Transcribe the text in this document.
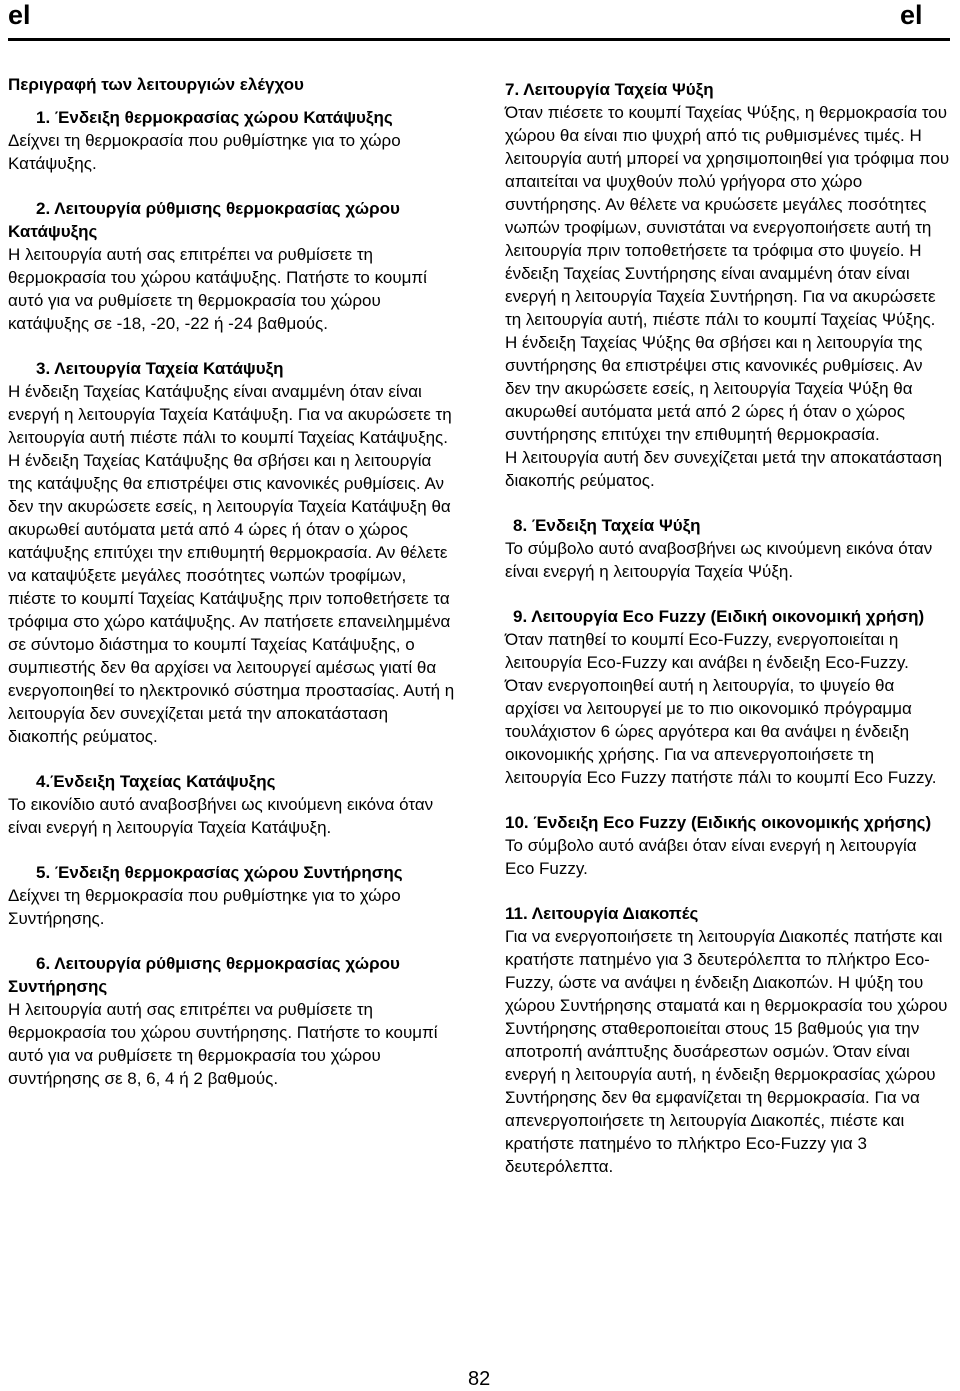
el	el
Περιγραφή των λειτουργιών ελέγχου
1. Ένδειξη θερμοκρασίας χώρου Κατάψυξης

Δείχνει τη θερμοκρασία που ρυθμίστηκε για το χώρο Κατάψυξης.

2. Λειτουργία ρύθμισης θερμοκρασίας χώρου Κατάψυξης

Η λειτουργία αυτή σας επιτρέπει να ρυθμίσετε τη θερμοκρασία του χώρου κατάψυξης. Πατήστε το κουμπί αυτό για να ρυθμίσετε τη θερμοκρασία του χώρου κατάψυξης σε -18, -20, -22 ή -24 βαθμούς.

3. Λειτουργία Ταχεία Κατάψυξη

Η ένδειξη Ταχείας Κατάψυξης είναι αναμμένη όταν είναι ενεργή η λειτουργία Ταχεία Κατάψυξη. Για να ακυρώσετε τη λειτουργία αυτή πιέστε πάλι το κουμπί Ταχείας Κατάψυξης. Η ένδειξη Ταχείας Κατάψυξης θα σβήσει και η λειτουργία της κατάψυξης θα επιστρέψει στις κανονικές ρυθμίσεις. Αν δεν την ακυρώσετε εσείς, η λειτουργία Ταχεία Κατάψυξη θα ακυρωθεί αυτόματα μετά από 4 ώρες ή όταν ο χώρος κατάψυξης επιτύχει την επιθυμητή θερμοκρασία. Αν θέλετε να καταψύξετε μεγάλες ποσότητες νωπών τροφίμων, πιέστε το κουμπί Ταχείας Κατάψυξης πριν τοποθετήσετε τα τρόφιμα στο χώρο κατάψυξης. Αν πατήσετε επανειλημμένα σε σύντομο διάστημα το κουμπί Ταχείας Κατάψυξης, ο συμπιεστής δεν θα αρχίσει να λειτουργεί αμέσως γιατί θα ενεργοποιηθεί το ηλεκτρονικό σύστημα προστασίας. Αυτή η λειτουργία δεν συνεχίζεται μετά την αποκατάσταση διακοπής ρεύματος.

4.Ένδειξη Ταχείας Κατάψυξης

Το εικονίδιο αυτό αναβοσβήνει ως κινούμενη εικόνα όταν είναι ενεργή η λειτουργία Ταχεία Κατάψυξη.

5. Ένδειξη θερμοκρασίας χώρου Συντήρησης

Δείχνει τη θερμοκρασία που ρυθμίστηκε για το χώρο Συντήρησης.

6. Λειτουργία ρύθμισης θερμοκρασίας χώρου Συντήρησης

Η λειτουργία αυτή σας επιτρέπει να ρυθμίσετε τη θερμοκρασία του χώρου συντήρησης. Πατήστε το κουμπί αυτό για να ρυθμίσετε τη θερμοκρασία του χώρου συντήρησης σε 8, 6, 4 ή 2 βαθμούς.

7. Λειτουργία Ταχεία Ψύξη

Όταν πιέσετε το κουμπί Ταχείας Ψύξης, η θερμοκρασία του χώρου θα είναι πιο ψυχρή από τις ρυθμισμένες τιμές. Η λειτουργία αυτή μπορεί να χρησιμοποιηθεί για τρόφιμα που απαιτείται να ψυχθούν πολύ γρήγορα στο χώρο συντήρησης. Αν θέλετε να κρυώσετε μεγάλες ποσότητες νωπών τροφίμων, συνιστάται να ενεργοποιήσετε αυτή τη λειτουργία πριν τοποθετήσετε τα τρόφιμα στο ψυγείο. Η ένδειξη Ταχείας Συντήρησης είναι αναμμένη όταν είναι ενεργή η λειτουργία Ταχεία Συντήρηση. Για να ακυρώσετε τη λειτουργία αυτή, πιέστε πάλι το κουμπί Ταχείας Ψύξης. Η ένδειξη Ταχείας Ψύξης θα σβήσει και η λειτουργία της συντήρησης θα επιστρέψει στις κανονικές ρυθμίσεις. Αν δεν την ακυρώσετε εσείς, η λειτουργία Ταχεία Ψύξη θα ακυρωθεί αυτόματα μετά από 2 ώρες ή όταν ο χώρος συντήρησης επιτύχει την επιθυμητή θερμοκρασία.

Η λειτουργία αυτή δεν συνεχίζεται μετά την αποκατάσταση διακοπής ρεύματος.

8. Ένδειξη Ταχεία Ψύξη

Το σύμβολο αυτό αναβοσβήνει ως κινούμενη εικόνα όταν είναι ενεργή η λειτουργία Ταχεία Ψύξη.

9. Λειτουργία Eco Fuzzy (Ειδική οικονομική χρήση)

Όταν πατηθεί το κουμπί Eco-Fuzzy, ενεργοποιείται η λειτουργία Eco-Fuzzy και ανάβει η ένδειξη Eco-Fuzzy. Όταν ενεργοποιηθεί αυτή η λειτουργία, το ψυγείο θα αρχίσει να λειτουργεί με το πιο οικονομικό πρόγραμμα τουλάχιστον 6 ώρες αργότερα και θα ανάψει η ένδειξη οικονομικής χρήσης. Για να απενεργοποιήσετε τη λειτουργία Eco Fuzzy πατήστε πάλι το κουμπί Eco Fuzzy.

10. Ένδειξη Eco Fuzzy (Ειδικής οικονομικής χρήσης)

Το σύμβολο αυτό ανάβει όταν είναι ενεργή η λειτουργία Eco Fuzzy.

11. Λειτουργία Διακοπές

Για να ενεργοποιήσετε τη λειτουργία Διακοπές πατήστε και κρατήστε πατημένο για 3 δευτερόλεπτα το πλήκτρο Eco-Fuzzy, ώστε να ανάψει η ένδειξη Διακοπών. Η ψύξη του χώρου Συντήρησης σταματά και η θερμοκρασία του χώρου Συντήρησης σταθεροποιείται στους 15 βαθμούς για την αποτροπή ανάπτυξης δυσάρεστων οσμών. Όταν είναι ενεργή η λειτουργία αυτή, η ένδειξη θερμοκρασίας χώρου Συντήρησης δεν θα εμφανίζεται τη θερμοκρασία. Για να απενεργοποιήσετε τη λειτουργία Διακοπές, πιέστε και κρατήστε πατημένο το πλήκτρο Eco-Fuzzy για 3 δευτερόλεπτα.

82
